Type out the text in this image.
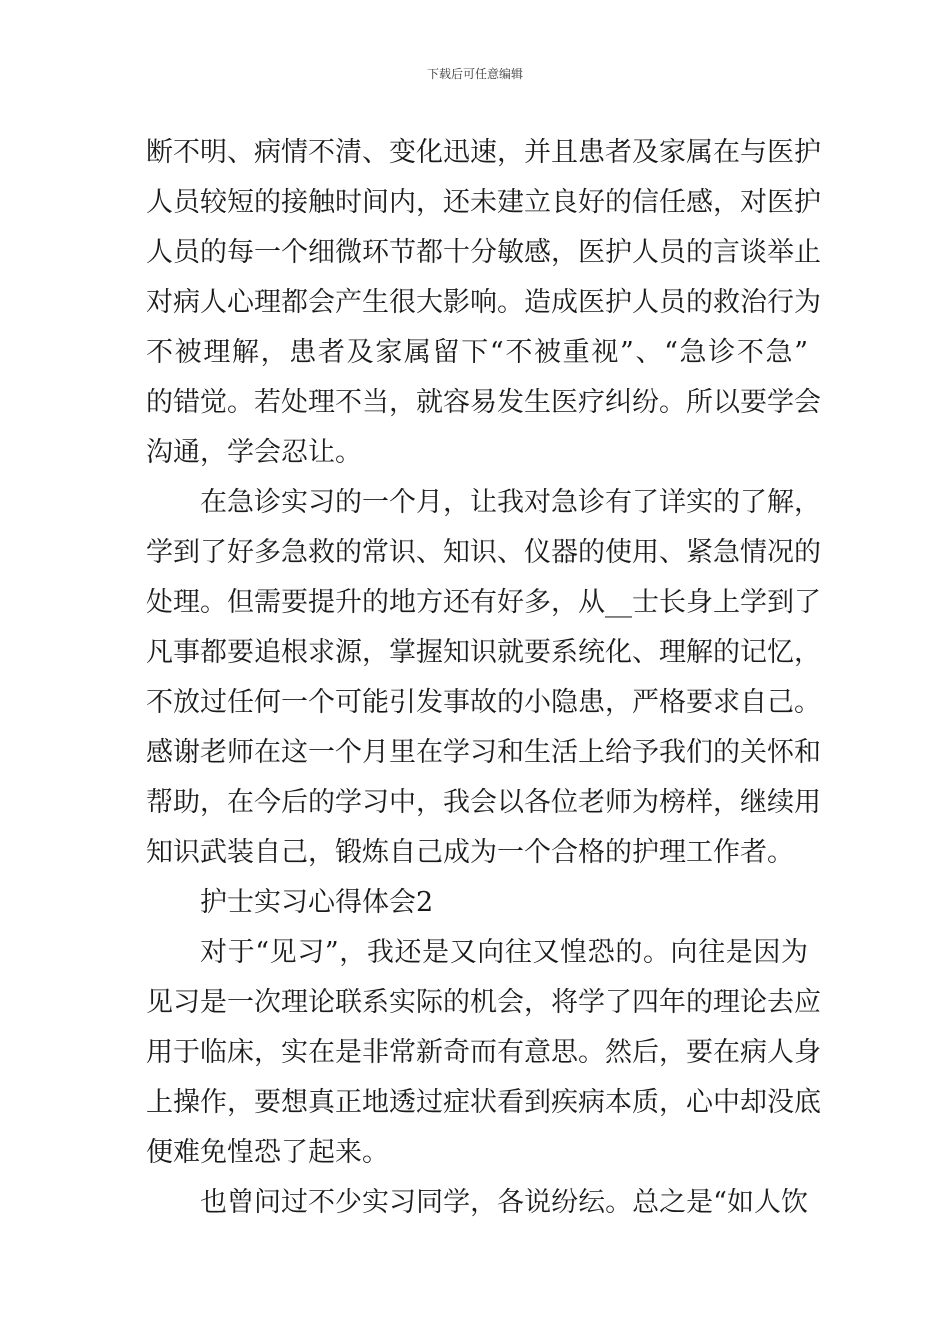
下载后可任意编辑

断不明、病情不清、变化迅速，并且患者及家属在与医护
人员较短的接触时间内，还未建立良好的信任感，对医护
人员的每一个细微环节都十分敏感，医护人员的言谈举止
对病人心理都会产生很大影响。造成医护人员的救治行为
不被理解，患者及家属留下“不被重视”、“急诊不急”
的错觉。若处理不当，就容易发生医疗纠纷。所以要学会
沟通，学会忍让。

在急诊实习的一个月，让我对急诊有了详实的了解，
学到了好多急救的常识、知识、仪器的使用、紧急情况的
处理。但需要提升的地方还有好多，从__士长身上学到了
凡事都要追根求源，掌握知识就要系统化、理解的记忆，
不放过任何一个可能引发事故的小隐患，严格要求自己。
感谢老师在这一个月里在学习和生活上给予我们的关怀和
帮助，在今后的学习中，我会以各位老师为榜样，继续用
知识武装自己，锻炼自己成为一个合格的护理工作者。

护士实习心得体会2

对于“见习”，我还是又向往又惶恐的。向往是因为
见习是一次理论联系实际的机会，将学了四年的理论去应
用于临床，实在是非常新奇而有意思。然后，要在病人身
上操作，要想真正地透过症状看到疾病本质，心中却没底
便难免惶恐了起来。

也曾问过不少实习同学，各说纷纭。总之是“如人饮
